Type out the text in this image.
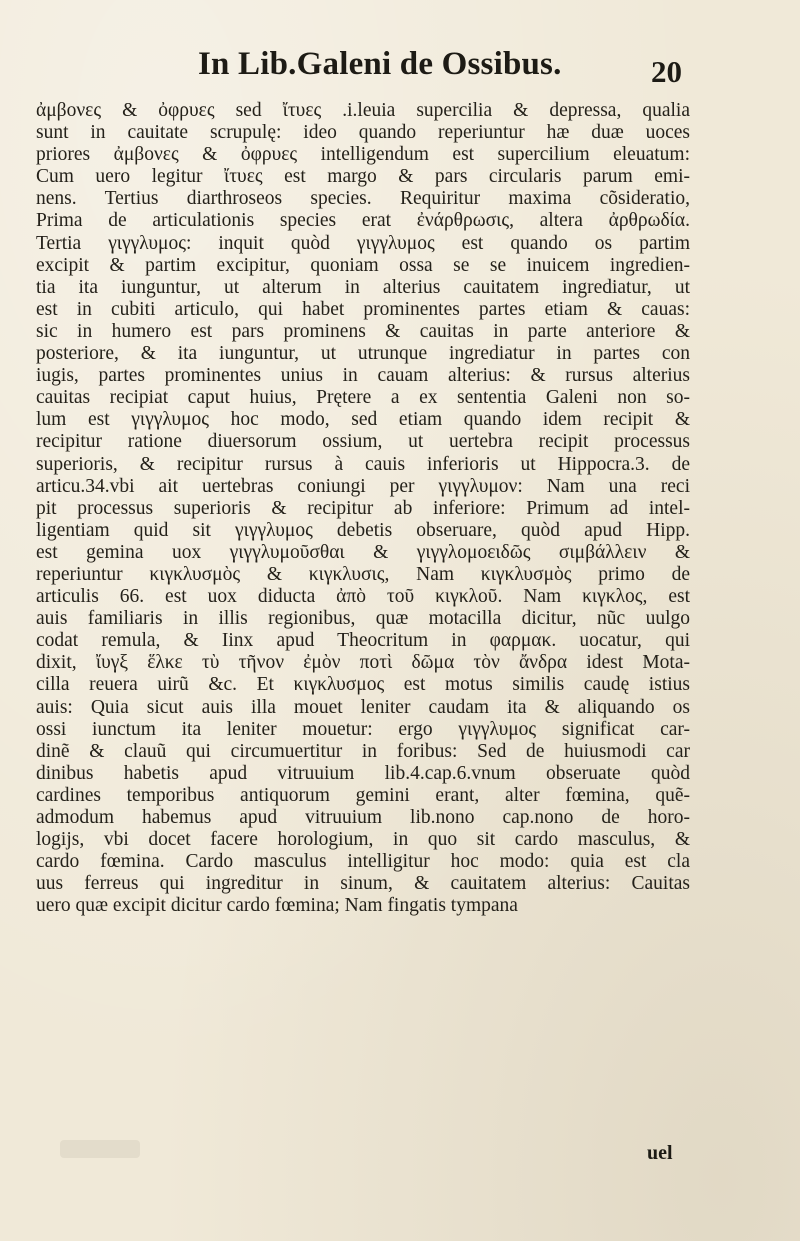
In Lib.Galeni de Ossibus.	20
ἀμβονες & ὀφρυες sed ἴτυες .i.leuia supercilia & depressa, qualia
sunt in cauitate scrupulę: ideo quando reperiuntur hæ duæ uoces
priores ἀμβονες & ὀφρυες intelligendum est supercilium eleuatum:
Cum uero legitur ἴτυες est margo & pars circularis parum emi-
nens. Tertius diarthroseos species. Requiritur maxima cõsideratio,
Prima de articulationis species erat ἐνάρθρωσις, altera ἀρθρωδία.
Tertia γιγγλυμος: inquit quòd γιγγλυμος est quando os partim
excipit & partim excipitur, quoniam ossa se se inuicem ingredien-
tia ita iunguntur, ut alterum in alterius cauitatem ingrediatur, ut
est in cubiti articulo, qui habet prominentes partes etiam & cauas:
sic in humero est pars prominens & cauitas in parte anteriore &
posteriore, & ita iunguntur, ut utrunque ingrediatur in partes con
iugis, partes prominentes unius in cauam alterius: & rursus alterius
cauitas recipiat caput huius, Prętere a ex sententia Galeni non so-
lum est γιγγλυμος hoc modo, sed etiam quando idem recipit &
recipitur ratione diuersorum ossium, ut uertebra recipit processus
superioris, & recipitur rursus à cauis inferioris ut Hippocra.3. de
articu.34.vbi ait uertebras coniungi per γιγγλυμον: Nam una reci
pit processus superioris & recipitur ab inferiore: Primum ad intel-
ligentiam quid sit γιγγλυμος debetis obseruare, quòd apud Hipp.
est gemina uox γιγγλυμοῦσθαι & γιγγλομοειδῶς σιμβάλλειν &
reperiuntur κιγκλυσμὸς & κιγκλυσις, Nam κιγκλυσμὸς primo de
articulis 66. est uox diducta ἀπὸ τοῦ κιγκλοῦ. Nam κιγκλος, est
auis familiaris in illis regionibus, quæ motacilla dicitur, nũc uulgo
codat remula, & Iinx apud Theocritum in φαρμακ. uocatur, qui
dixit, ἴυγξ ἕλκε τὺ τῆνον ἐμὸν ποτὶ δῶμα τὸν ἄνδρα idest Mota-
cilla reuera uirũ &c. Et κιγκλυσμος est motus similis caudę istius
auis: Quia sicut auis illa mouet leniter caudam ita & aliquando os
ossi iunctum ita leniter mouetur: ergo γιγγλυμος significat car-
dinẽ & clauũ qui circumuertitur in foribus: Sed de huiusmodi car
dinibus habetis apud vitruuium lib.4.cap.6.vnum obseruate quòd
cardines temporibus antiquorum gemini erant, alter fœmina, quẽ-
admodum habemus apud vitruuium lib.nono cap.nono de horo-
logijs, vbi docet facere horologium, in quo sit cardo masculus, &
cardo fœmina. Cardo masculus intelligitur hoc modo: quia est cla
uus ferreus qui ingreditur in sinum, & cauitatem alterius: Cauitas
uero quæ excipit dicitur cardo fœmina; Nam fingatis tympana
uel
